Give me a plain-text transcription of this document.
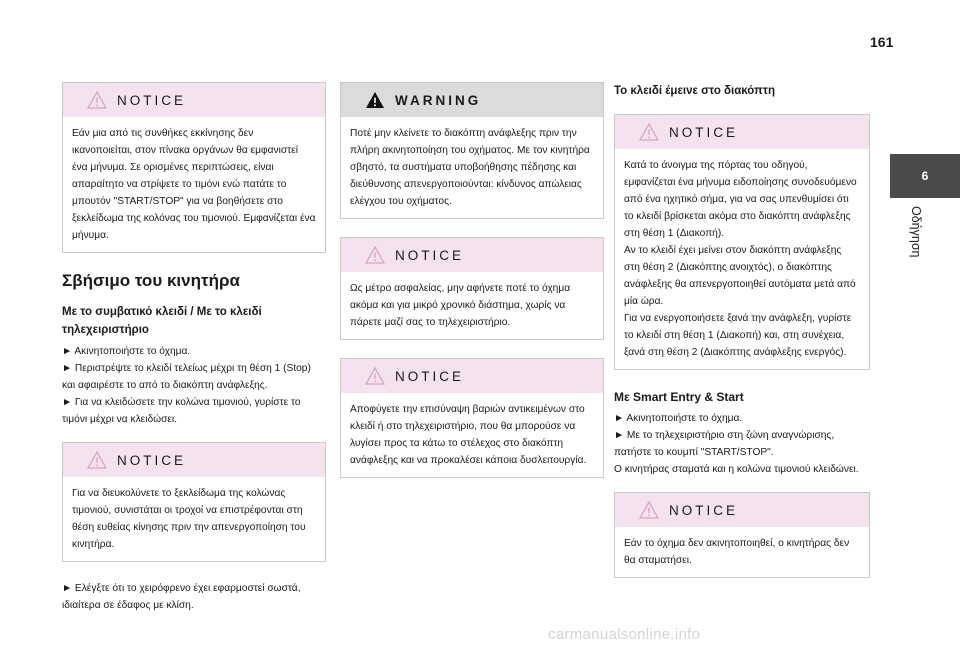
161
NOTICE
Εάν μια από τις συνθήκες εκκίνησης δεν ικανοποιείται, στον πίνακα οργάνων θα εμφανιστεί ένα μήνυμα. Σε ορισμένες περιπτώσεις, είναι απαραίτητο να στρίψετε το τιμόνι ενώ πατάτε το μπουτόν "START/STOP" για να βοηθήσετε στο ξεκλείδωμα της κολόνας του τιμονιού. Εμφανίζεται ένα μήνυμα.
Σβήσιμο του κινητήρα
Με το συμβατικό κλειδί / Με το κλειδί τηλεχειριστήριο
► Ακινητοποιήστε το όχημα.
► Περιστρέψτε το κλειδί τελείως μέχρι τη θέση 1 (Stop) και αφαιρέστε το από το διακόπτη ανάφλεξης.
► Για να κλειδώσετε την κολώνα τιμονιού, γυρίστε το τιμόνι μέχρι να κλειδώσει.
NOTICE
Για να διευκολύνετε το ξεκλείδωμα της κολώνας τιμονιού, συνιστάται οι τροχοί να επιστρέφονται στη θέση ευθείας κίνησης πριν την απενεργοποίηση του κινητήρα.
► Ελέγξτε ότι το χειρόφρενο έχει εφαρμοστεί σωστά, ιδιαίτερα σε έδαφος με κλίση.
WARNING
Ποτέ μην κλείνετε το διακόπτη ανάφλεξης πριν την πλήρη ακινητοποίηση του οχήματος. Με τον κινητήρα σβηστό, τα συστήματα υποβοήθησης πέδησης και διεύθυνσης απενεργοποιούνται: κίνδυνος απώλειας ελέγχου του οχήματος.
NOTICE
Ως μέτρο ασφαλείας, μην αφήνετε ποτέ το όχημα ακόμα και για μικρό χρονικό διάστημα, χωρίς να πάρετε μαζί σας το τηλεχειριστήριο.
NOTICE
Αποφύγετε την επισύναψη βαριών αντικειμένων στο κλειδί ή στο τηλεχειριστήριο, που θα μπορούσε να λυγίσει προς τα κάτω το στέλεχος στο διακόπτη ανάφλεξης και να προκαλέσει κάποια δυσλειτουργία.
Το κλειδί έμεινε στο διακόπτη
NOTICE
Κατά το άνοιγμα της πόρτας του οδηγού, εμφανίζεται ένα μήνυμα ειδοποίησης συνοδευόμενο από ένα ηχητικό σήμα, για να σας υπενθυμίσει ότι το κλειδί βρίσκεται ακόμα στο διακόπτη ανάφλεξης στη θέση 1 (Διακοπή).
Αν το κλειδί έχει μείνει στον διακόπτη ανάφλεξης στη θέση 2 (Διακόπτης ανοιχτός), ο διακόπτης ανάφλεξης θα απενεργοποιηθεί αυτόματα μετά από μία ώρα.
Για να ενεργοποιήσετε ξανά την ανάφλεξη, γυρίστε το κλειδί στη θέση 1 (Διακοπή) και, στη συνέχεια, ξανά στη θέση 2 (Διακόπτης ανάφλεξης ενεργός).
Με Smart Entry & Start
► Ακινητοποιήστε το όχημα.
► Με το τηλεχειριστήριο στη ζώνη αναγνώρισης, πατήστε το κουμπί "START/STOP".
Ο κινητήρας σταματά και η κολώνα τιμονιού κλειδώνει.
NOTICE
Εάν το όχημα δεν ακινητοποιηθεί, ο κινητήρας δεν θα σταματήσει.
6
Οδήγηση
carmanualsonline.info
